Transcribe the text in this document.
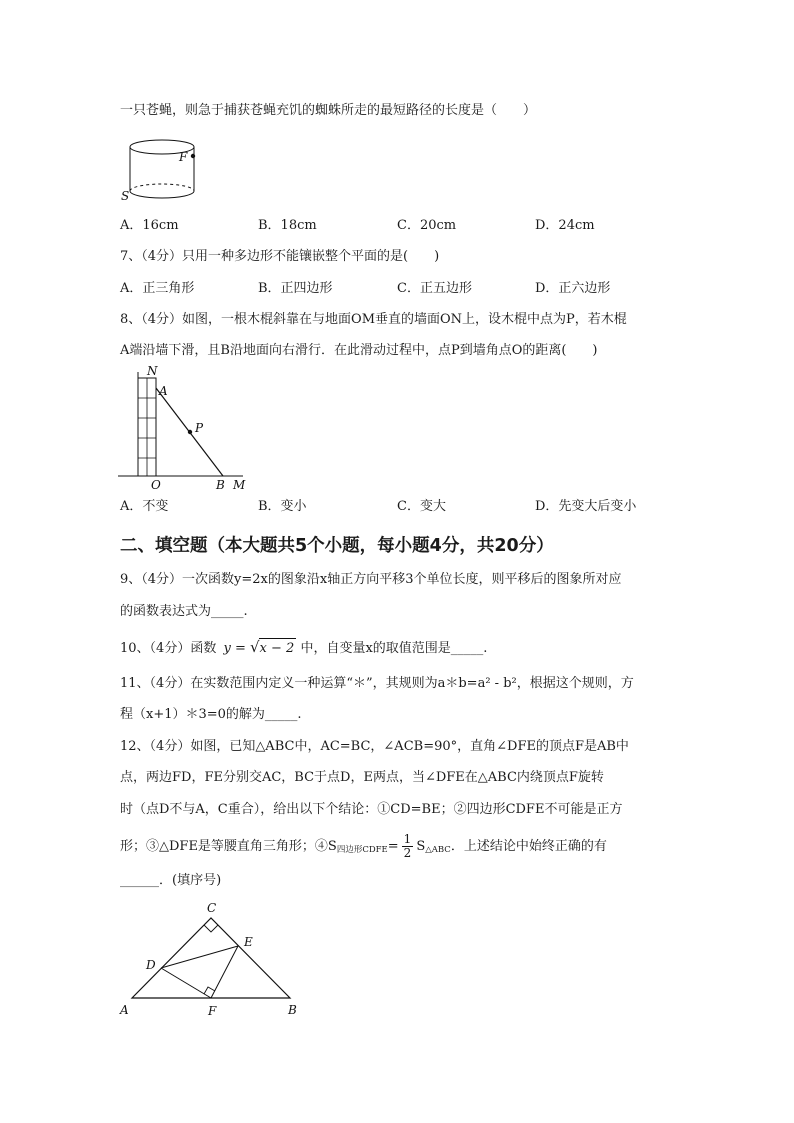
一只苍蝇，则急于捕获苍蝇充饥的蜘蛛所走的最短路径的长度是（　　）
F
S
A．16cm	B．18cm	C．20cm	D．24cm
7、（4分）只用一种多边形不能镶嵌整个平面的是(　　)
A．正三角形	B．正四边形	C．正五边形	D．正六边形
8、（4分）如图，一根木棍斜靠在与地面OM垂直的墙面ON上，设木棍中点为P，若木棍
A端沿墙下滑，且B沿地面向右滑行．在此滑动过程中，点P到墙角点O的距离(　　)
N
A
P
O	B M
A．不变	B．变小	C．变大	D．先变大后变小
二、填空题（本大题共5个小题，每小题4分，共20分）
9、（4分）一次函数y=2x的图象沿x轴正方向平移3个单位长度，则平移后的图象所对应
的函数表达式为_____.
10、（4分）函数 y = √x − 2 中，自变量x的取值范围是_____.
11、（4分）在实数范围内定义一种运算“＊”，其规则为a＊b=a² - b²，根据这个规则，方
程（x+1）＊3=0的解为_____.
12、（4分）如图，已知△ABC中，AC=BC，∠ACB=90°，直角∠DFE的顶点F是AB中
点，两边FD，FE分别交AC，BC于点D，E两点，当∠DFE在△ABC内绕顶点F旋转
时（点D不与A，C重合），给出以下个结论：①CD=BE；②四边形CDFE不可能是正方
形；③△DFE是等腰直角三角形；$④S_{四边形CDFE}= \frac{1}{2} S_{\triangle ABC}$．上述结论中始终正确的有
______．(填序号)
C
E
D
A	F	B
